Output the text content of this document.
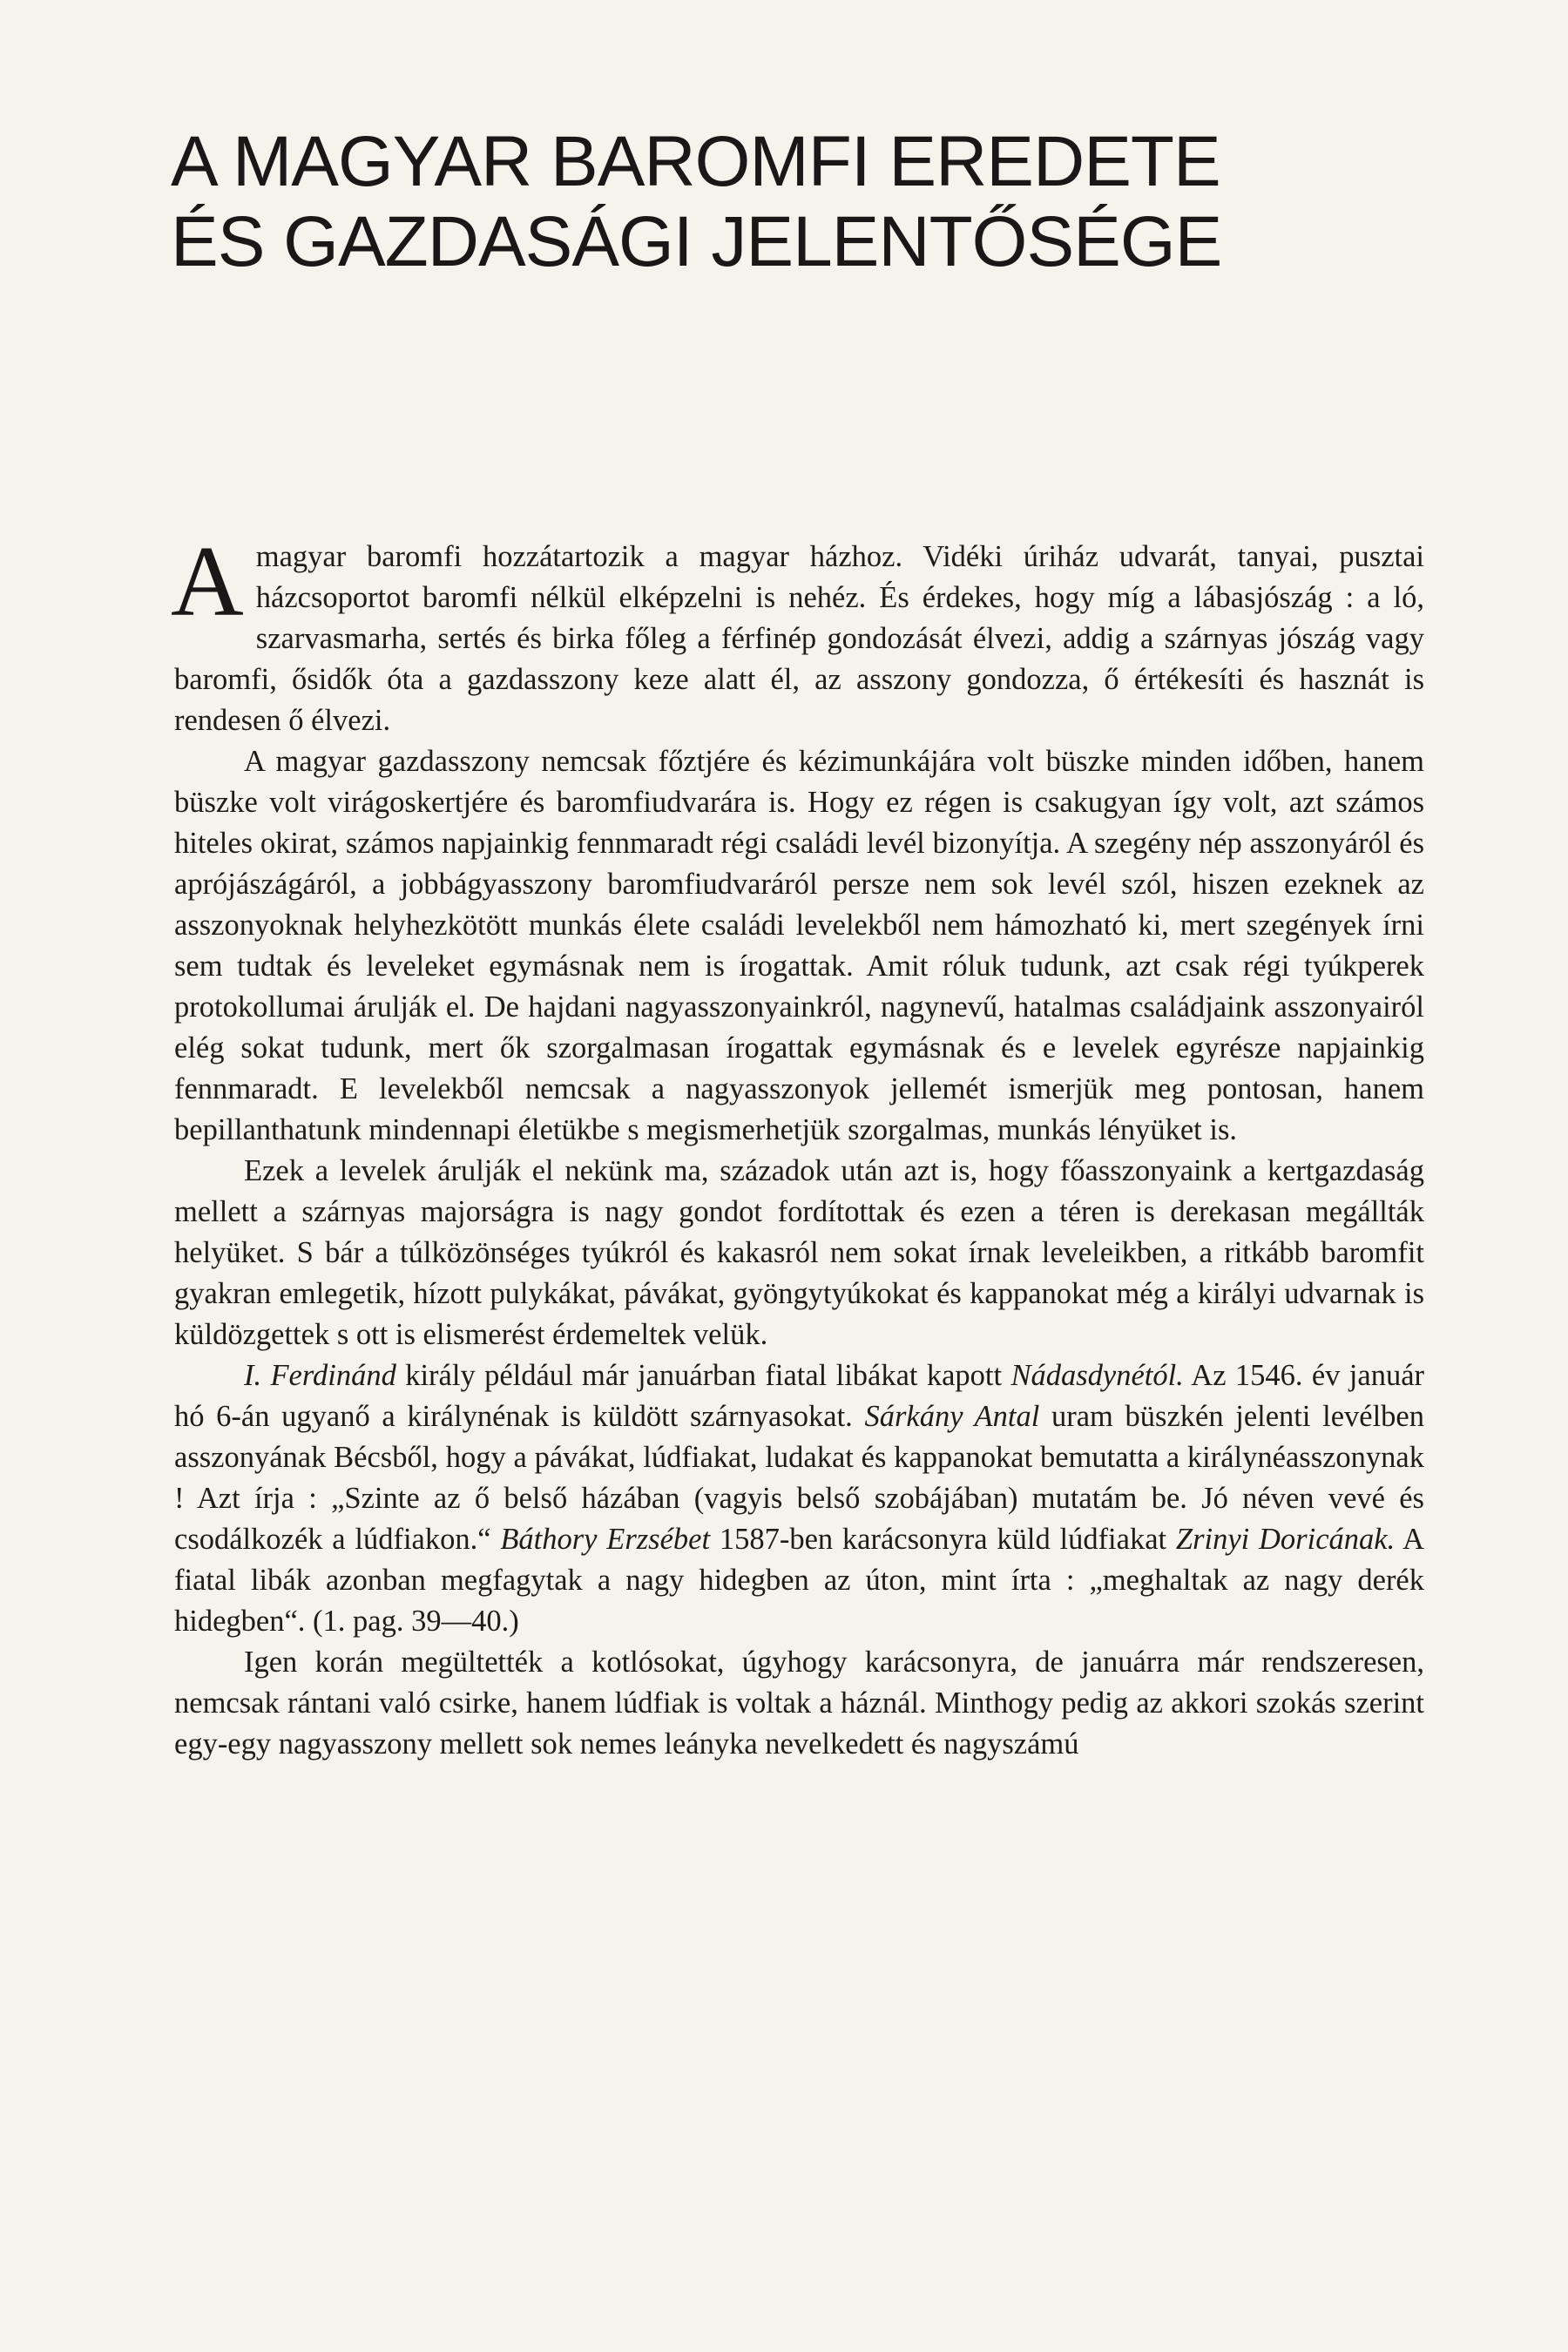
A MAGYAR BAROMFI EREDETE
ÉS GAZDASÁGI JELENTŐSÉGE

A magyar baromfi hozzátartozik a magyar házhoz. Vidéki úriház udvarát, tanyai, pusztai házcsoportot baromfi nélkül elképzelni is nehéz. És érdekes, hogy míg a lábasjószág : a ló, szarvasmarha, sertés és birka főleg a férfinép gondozását élvezi, addig a szárnyas jószág vagy baromfi, ősidők óta a gazdasszony keze alatt él, az asszony gondozza, ő értékesíti és hasznát is rendesen ő élvezi.

A magyar gazdasszony nemcsak főztjére és kézimunkájára volt büszke minden időben, hanem büszke volt virágoskertjére és baromfiudvarára is. Hogy ez régen is csakugyan így volt, azt számos hiteles okirat, számos napjainkig fennmaradt régi családi levél bizonyítja. A szegény nép asszonyáról és aprójászágáról, a jobbágyasszony baromfiudvaráról persze nem sok levél szól, hiszen ezeknek az asszonyoknak helyhezkötött munkás élete családi levelekből nem hámozható ki, mert szegények írni sem tudtak és leveleket egymásnak nem is írogattak. Amit róluk tudunk, azt csak régi tyúkperek protokollumai árulják el. De hajdani nagyasszonyainkról, nagynevű, hatalmas családjaink asszonyairól elég sokat tudunk, mert ők szorgalmasan írogattak egymásnak és e levelek egyrésze napjainkig fennmaradt. E levelekből nemcsak a nagyasszonyok jellemét ismerjük meg pontosan, hanem bepillanthatunk mindennapi életükbe s megismerhetjük szorgalmas, munkás lényüket is.

Ezek a levelek árulják el nekünk ma, századok után azt is, hogy főasszonyaink a kertgazdaság mellett a szárnyas majorságra is nagy gondot fordítottak és ezen a téren is derekasan megállták helyüket. S bár a túlközönséges tyúkról és kakasról nem sokat írnak leveleikben, a ritkább baromfit gyakran emlegetik, hízott pulykákat, pávákat, gyöngytyúkokat és kappanokat még a királyi udvarnak is küldözgettek s ott is elismerést érdemeltek velük.

I. Ferdinánd király például már januárban fiatal libákat kapott Nádasdynétól. Az 1546. év január hó 6-án ugyanő a királynénak is küldött szárnyasokat. Sárkány Antal uram büszkén jelenti levélben asszonyának Bécsből, hogy a pávákat, lúdfiakat, ludakat és kappanokat bemutatta a királynéasszonynak ! Azt írja : „Szinte az ő belső házában (vagyis belső szobájában) mutatám be. Jó néven vevé és csodálkozék a lúdfiakon.“ Báthory Erzsébet 1587-ben karácsonyra küld lúdfiakat Zrinyi Doricának. A fiatal libák azonban megfagytak a nagy hidegben az úton, mint írta : „meghaltak az nagy derék hidegben“. (1. pag. 39—40.)

Igen korán megültették a kotlósokat, úgyhogy karácsonyra, de januárra már rendszeresen, nemcsak rántani való csirke, hanem lúdfiak is voltak a háznál. Minthogy pedig az akkori szokás szerint egy-egy nagyasszony mellett sok nemes leányka nevelkedett és nagyszámú
